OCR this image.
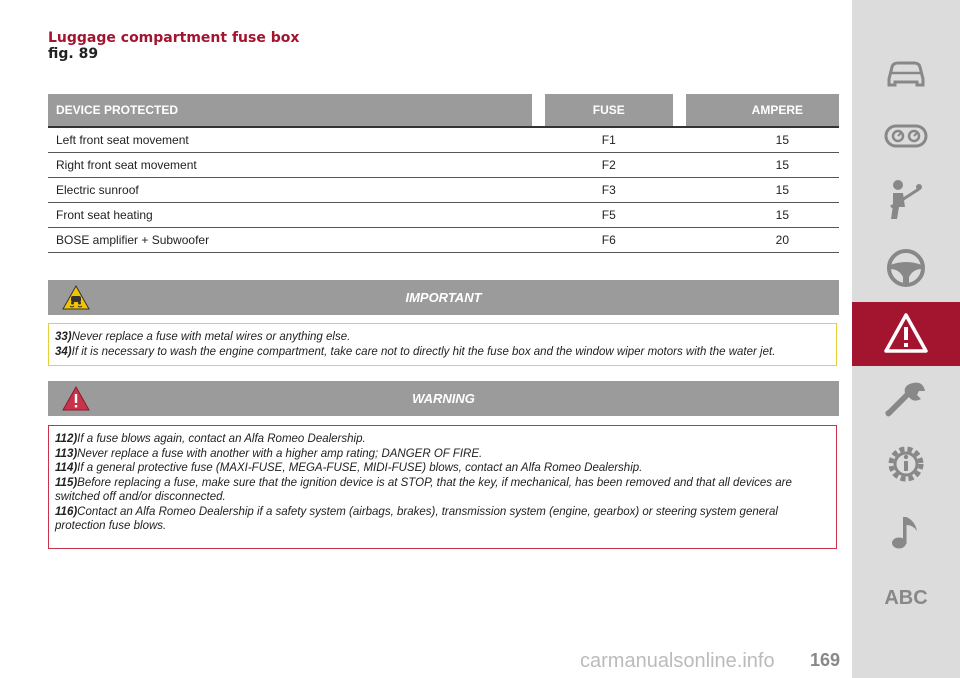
Luggage compartment fuse box
fig. 89
DEVICE PROTECTED		FUSE		AMPERE
Left front seat movement		F1		15
Right front seat movement		F2		15
Electric sunroof		F3		15
Front seat heating		F5		15
BOSE amplifier + Subwoofer		F6		20
IMPORTANT
33)Never replace a fuse with metal wires or anything else.
34)If it is necessary to wash the engine compartment, take care not to directly hit the fuse box and the window wiper motors with the water jet.
WARNING
112)If a fuse blows again, contact an Alfa Romeo Dealership.
113)Never replace a fuse with another with a higher amp rating; DANGER OF FIRE.
114)If a general protective fuse (MAXI-FUSE, MEGA-FUSE, MIDI-FUSE) blows, contact an Alfa Romeo Dealership.
115)Before replacing a fuse, make sure that the ignition device is at STOP, that the key, if mechanical, has been removed and that all devices are switched off and/or disconnected.
116)Contact an Alfa Romeo Dealership if a safety system (airbags, brakes), transmission system (engine, gearbox) or steering system general protection fuse blows.
carmanualsonline.info 169
ABC
